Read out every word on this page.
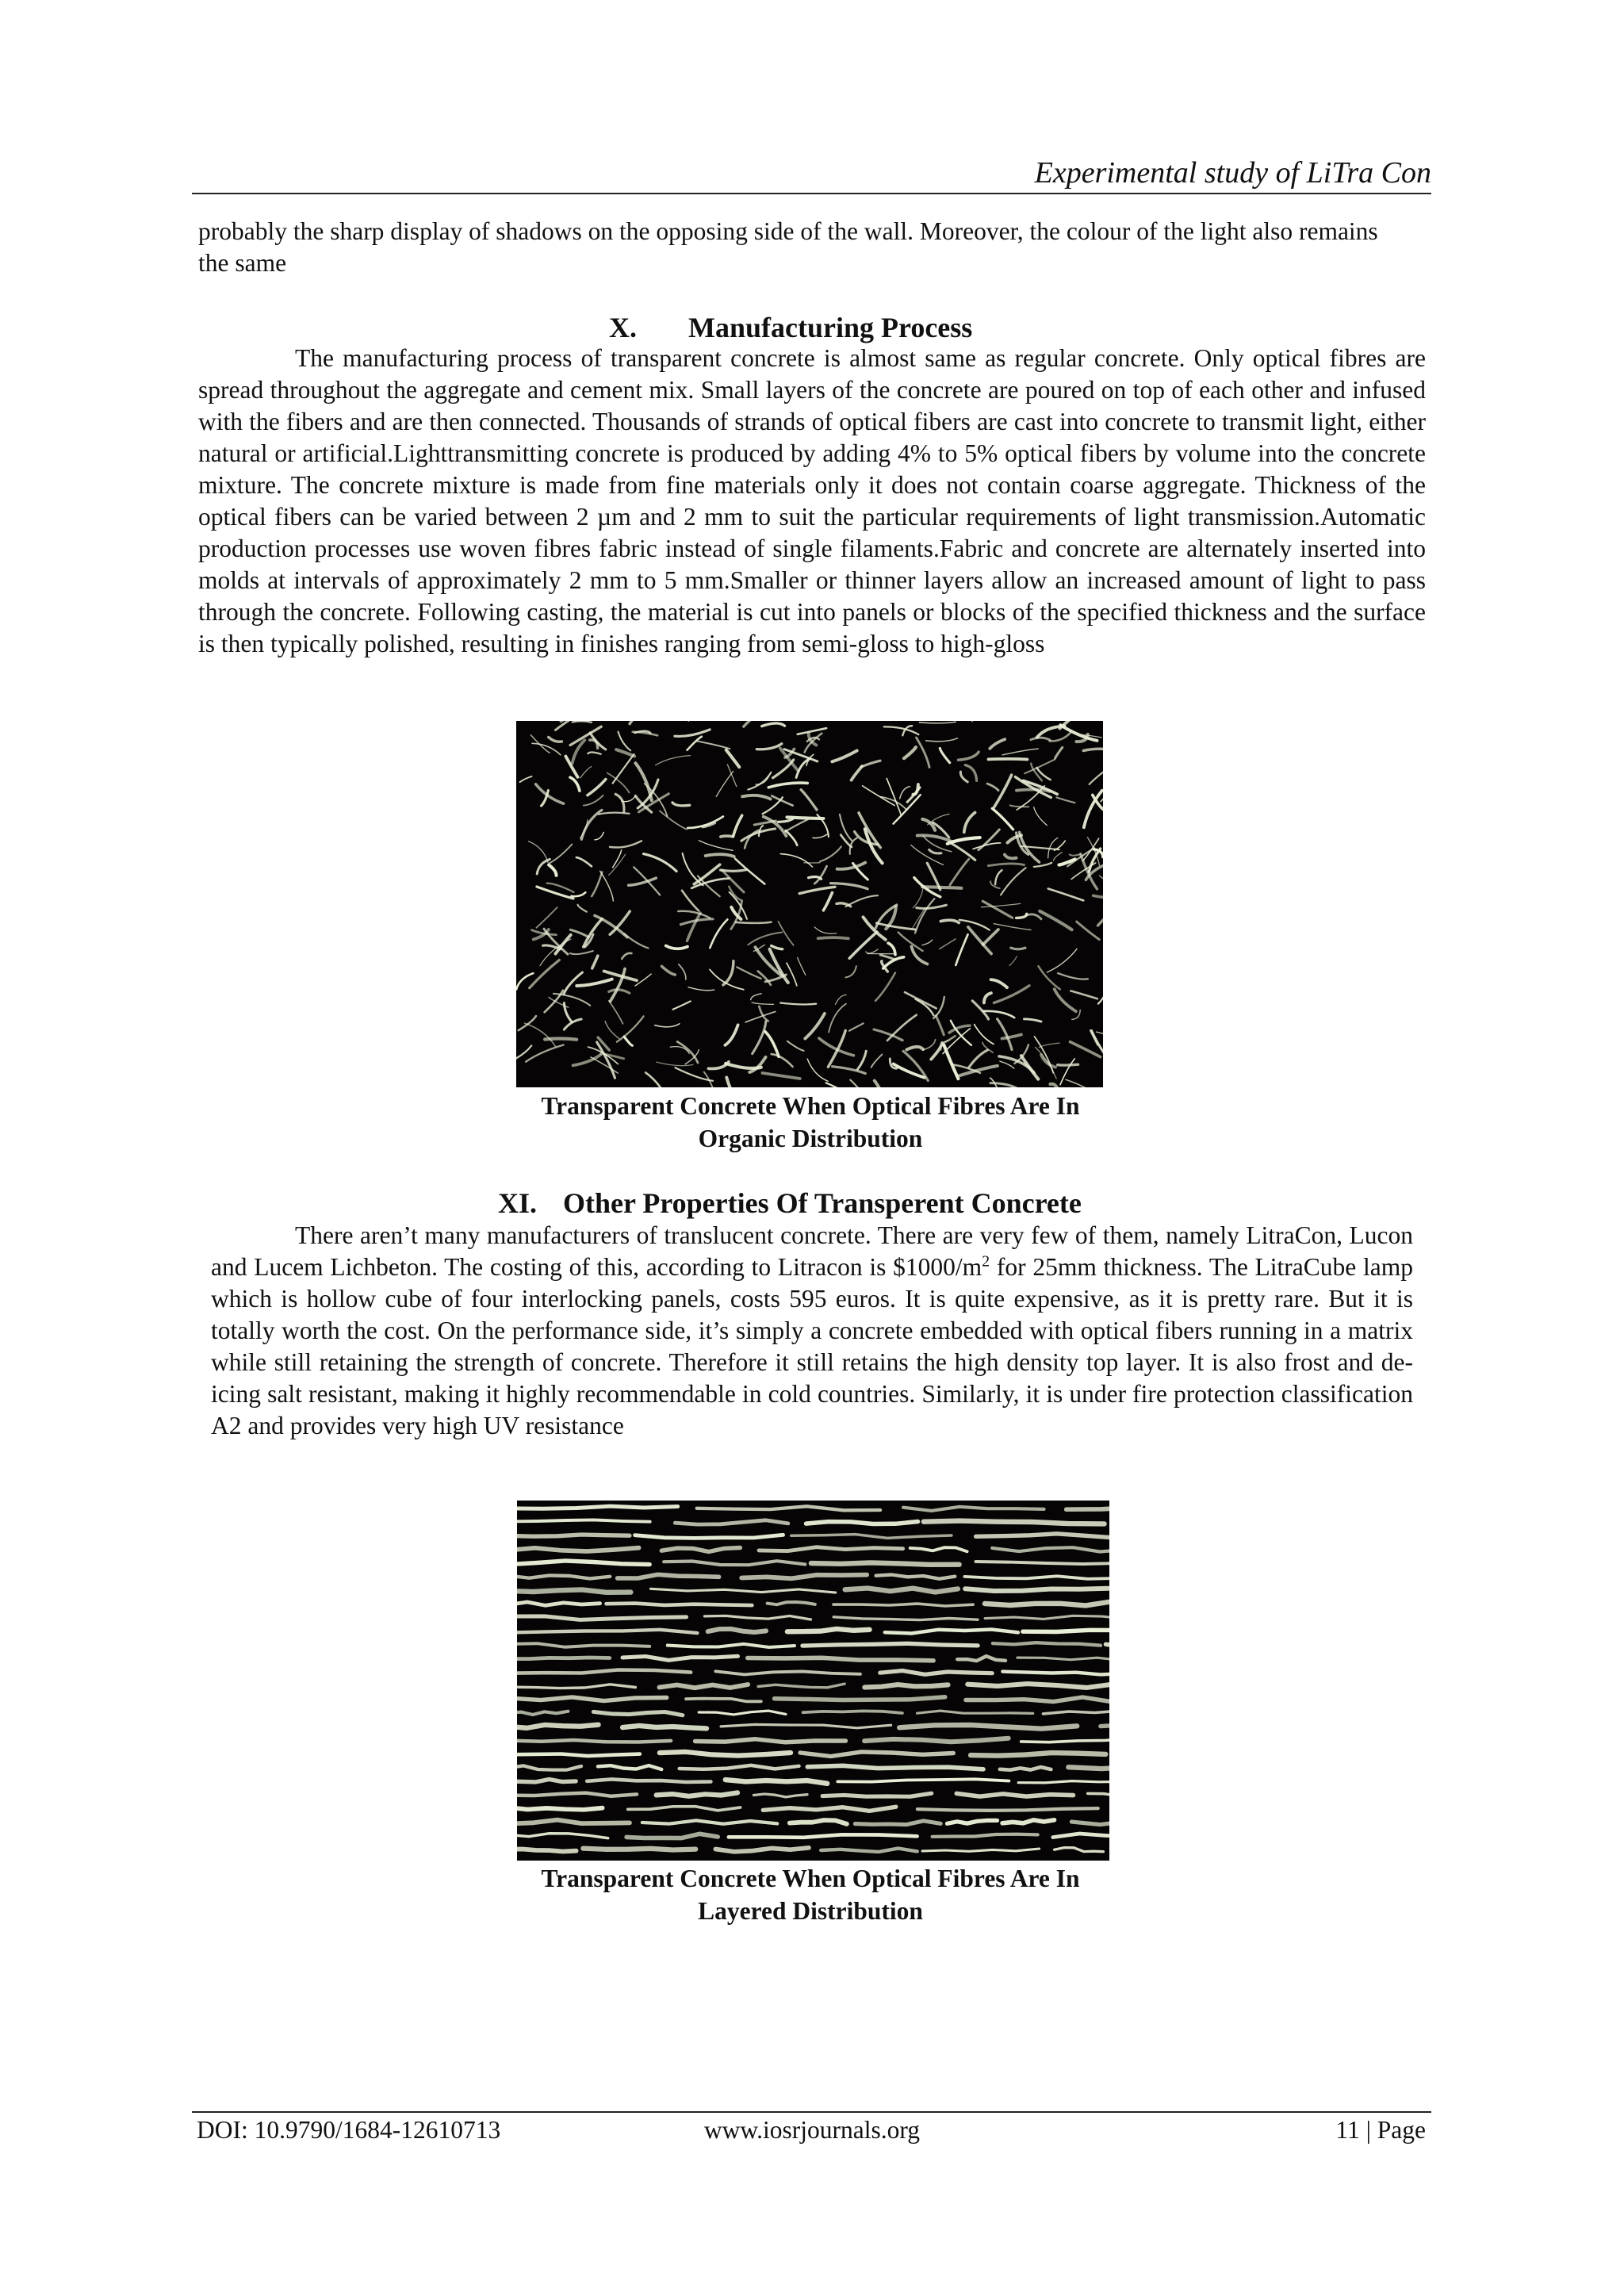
Experimental study of LiTra Con
probably the sharp display of shadows on the opposing side of the wall. Moreover, the colour of the light also remains the same
X.	Manufacturing Process
The manufacturing process of transparent concrete is almost same as regular concrete. Only optical fibres are spread throughout the aggregate and cement mix. Small layers of the concrete are poured on top of each other and infused with the fibers and are then connected. Thousands of strands of optical fibers are cast into concrete to transmit light, either natural or artificial.Lighttransmitting concrete is produced by adding 4% to 5% optical fibers by volume into the concrete mixture. The concrete mixture is made from fine materials only it does not contain coarse aggregate. Thickness of the optical fibers can be varied between 2 µm and 2 mm to suit the particular requirements of light transmission.Automatic production processes use woven fibres fabric instead of single filaments.Fabric and concrete are alternately inserted into molds at intervals of approximately 2 mm to 5 mm.Smaller or thinner layers allow an increased amount of light to pass through the concrete. Following casting, the material is cut into panels or blocks of the specified thickness and the surface is then typically polished, resulting in finishes ranging from semi-gloss to high-gloss
Transparent Concrete When Optical Fibres Are In
Organic Distribution
XI. Other Properties Of Transperent Concrete
There aren’t many manufacturers of translucent concrete. There are very few of them, namely LitraCon, Lucon and Lucem Lichbeton. The costing of this, according to Litracon is $\$1000/m^2$ for 25mm thickness. The LitraCube lamp which is hollow cube of four interlocking panels, costs 595 euros. It is quite expensive, as it is pretty rare. But it is totally worth the cost. On the performance side, it’s simply a concrete embedded with optical fibers running in a matrix while still retaining the strength of concrete. Therefore it still retains the high density top layer. It is also frost and de-icing salt resistant, making it highly recommendable in cold countries. Similarly, it is under fire protection classification A2 and provides very high UV resistance
Transparent Concrete When Optical Fibres Are In
Layered Distribution
www.iosrjournals.org
DOI: 10.9790/1684-12610713	11 | Page
